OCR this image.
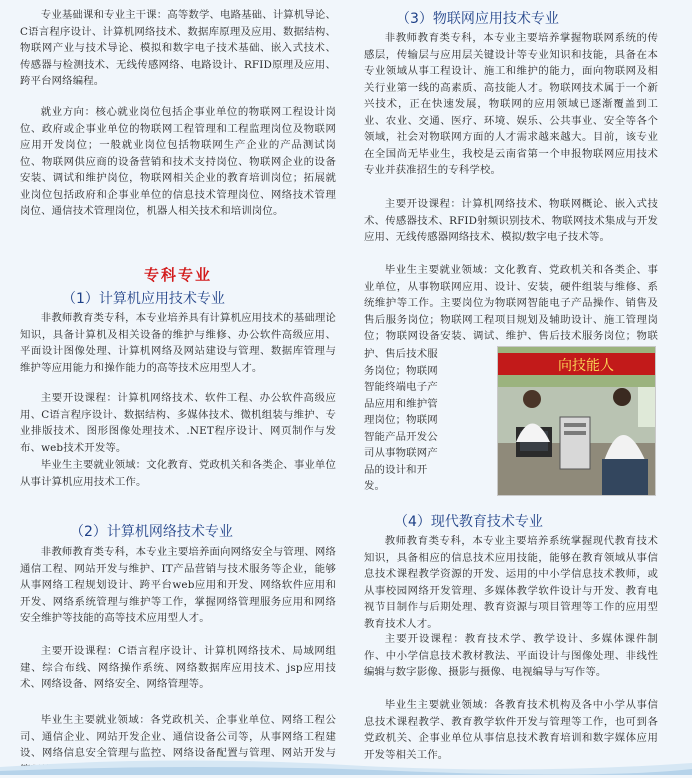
专业基础课和专业主干课：高等数学、电路基础、计算机导论、C语言程序设计、计算机网络技术、数据库原理及应用、数据结构、物联网产业与技术导论、模拟和数字电子技术基础、嵌入式技术、传感器与检测技术、无线传感网络、电路设计、RFID原理及应用、跨平台网络编程。

就业方向：核心就业岗位包括企事业单位的物联网工程设计岗位、政府或企事业单位的物联网工程管理和工程监理岗位及物联网应用开发岗位；一般就业岗位包括物联网生产企业的产品测试岗位、物联网供应商的设备营销和技术支持岗位、物联网企业的设备安装、调试和维护岗位，物联网相关企业的教育培训岗位；拓展就业岗位包括政府和企事业单位的信息技术管理岗位、网络技术管理岗位、通信技术管理岗位，机器人相关技术和培训岗位。

专科专业
（1）计算机应用技术专业

非教师教育类专科，本专业培养具有计算机应用技术的基础理论知识，具备计算机及相关设备的维护与维修、办公软件高级应用、平面设计图像处理、计算机网络及网站建设与管理、数据库管理与维护等应用能力和操作能力的高等技术应用型人才。

主要开设课程：计算机网络技术、软件工程、办公软件高级应用、C语言程序设计、数据结构、多媒体技术、微机组装与维护、专业排版技术、图形图像处理技术、.NET程序设计、网页制作与发布、web技术开发等。

毕业生主要就业领域：文化教育、党政机关和各类企、事业单位从事计算机应用技术工作。

（2）计算机网络技术专业

非教师教育类专科，本专业主要培养面向网络安全与管理、网络通信工程、网站开发与维护、IT产品营销与技术服务等企业，能够从事网络工程规划设计、跨平台web应用和开发、网络软件应用和开发、网络系统管理与维护等工作，掌握网络管理服务应用和网络安全维护等技能的高等技术应用型人才。

主要开设课程：C语言程序设计、计算机网络技术、局域网组建、综合布线、网络操作系统、网络数据库应用技术、jsp应用技术、网络设备、网络安全、网络管理等。

毕业生主要就业领域：各党政机关、企事业单位、网络工程公司、通信企业、网站开发企业、通信设备公司等，从事网络工程建设、网络信息安全管理与监控、网络设备配置与管理、网站开发与

（3）物联网应用技术专业

非教师教育类专科，本专业主要培养掌握物联网系统的传感层，传输层与应用层关键设计等专业知识和技能，具备在本专业领域从事工程设计、施工和维护的能力，面向物联网及相关行业第一线的高素质、高技能人才。物联网技术属于一个新兴技术，正在快速发展，物联网的应用领域已逐渐覆盖到工业、农业、交通、医疗、环境、娱乐、公共事业、安全等各个领域，社会对物联网方面的人才需求越来越大。目前，该专业在全国尚无毕业生，我校是云南省第一个申报物联网应用技术专业并获准招生的专科学校。

主要开设课程：计算机网络技术、物联网概论、嵌入式技术、传感器技术、RFID射频识别技术、物联网技术集成与开发应用、无线传感器网络技术、模拟/数字电子技术等。

毕业生主要就业领域：文化教育、党政机关和各类企、事业单位，从事物联网应用、设计、安装，硬件组装与维修、系统维护等工作。主要岗位为物联网智能电子产品操作、销售及售后服务岗位；物联网工程项目规划及辅助设计、施工管理岗位；物联网设备安装、调试、维护、售后技术服务岗位；物联

护、售后技术服
务岗位；物联网
智能终端电子产
品应用和维护管
理岗位；物联网
智能产品开发公
司从事物联网产
品的设计和开
发。
（4）现代教育技术专业

教师教育类专科，本专业主要培养系统掌握现代教育技术知识，具备相应的信息技术应用技能，能够在教育领域从事信息技术课程教学资源的开发、运用的中小学信息技术教师，或从事校园网络开发管理、多媒体教学软件设计与开发、教育电视节目制作与后期处理、教育资源与项目管理等工作的应用型教育技术人才。

主要开设课程：教育技术学、教学设计、多媒体课件制作、中小学信息技术教材教法、平面设计与图像处理、非线性编辑与数字影像、摄影与摄像、电视编导与写作等。

毕业生主要就业领域：各教育技术机构及各中小学从事信息技术课程教学、教育教学软件开发与管理等工作，也可到各党政机关、企事业单位从事信息技术教育培训和数字媒体应用开发等相关工作。

向技能人
